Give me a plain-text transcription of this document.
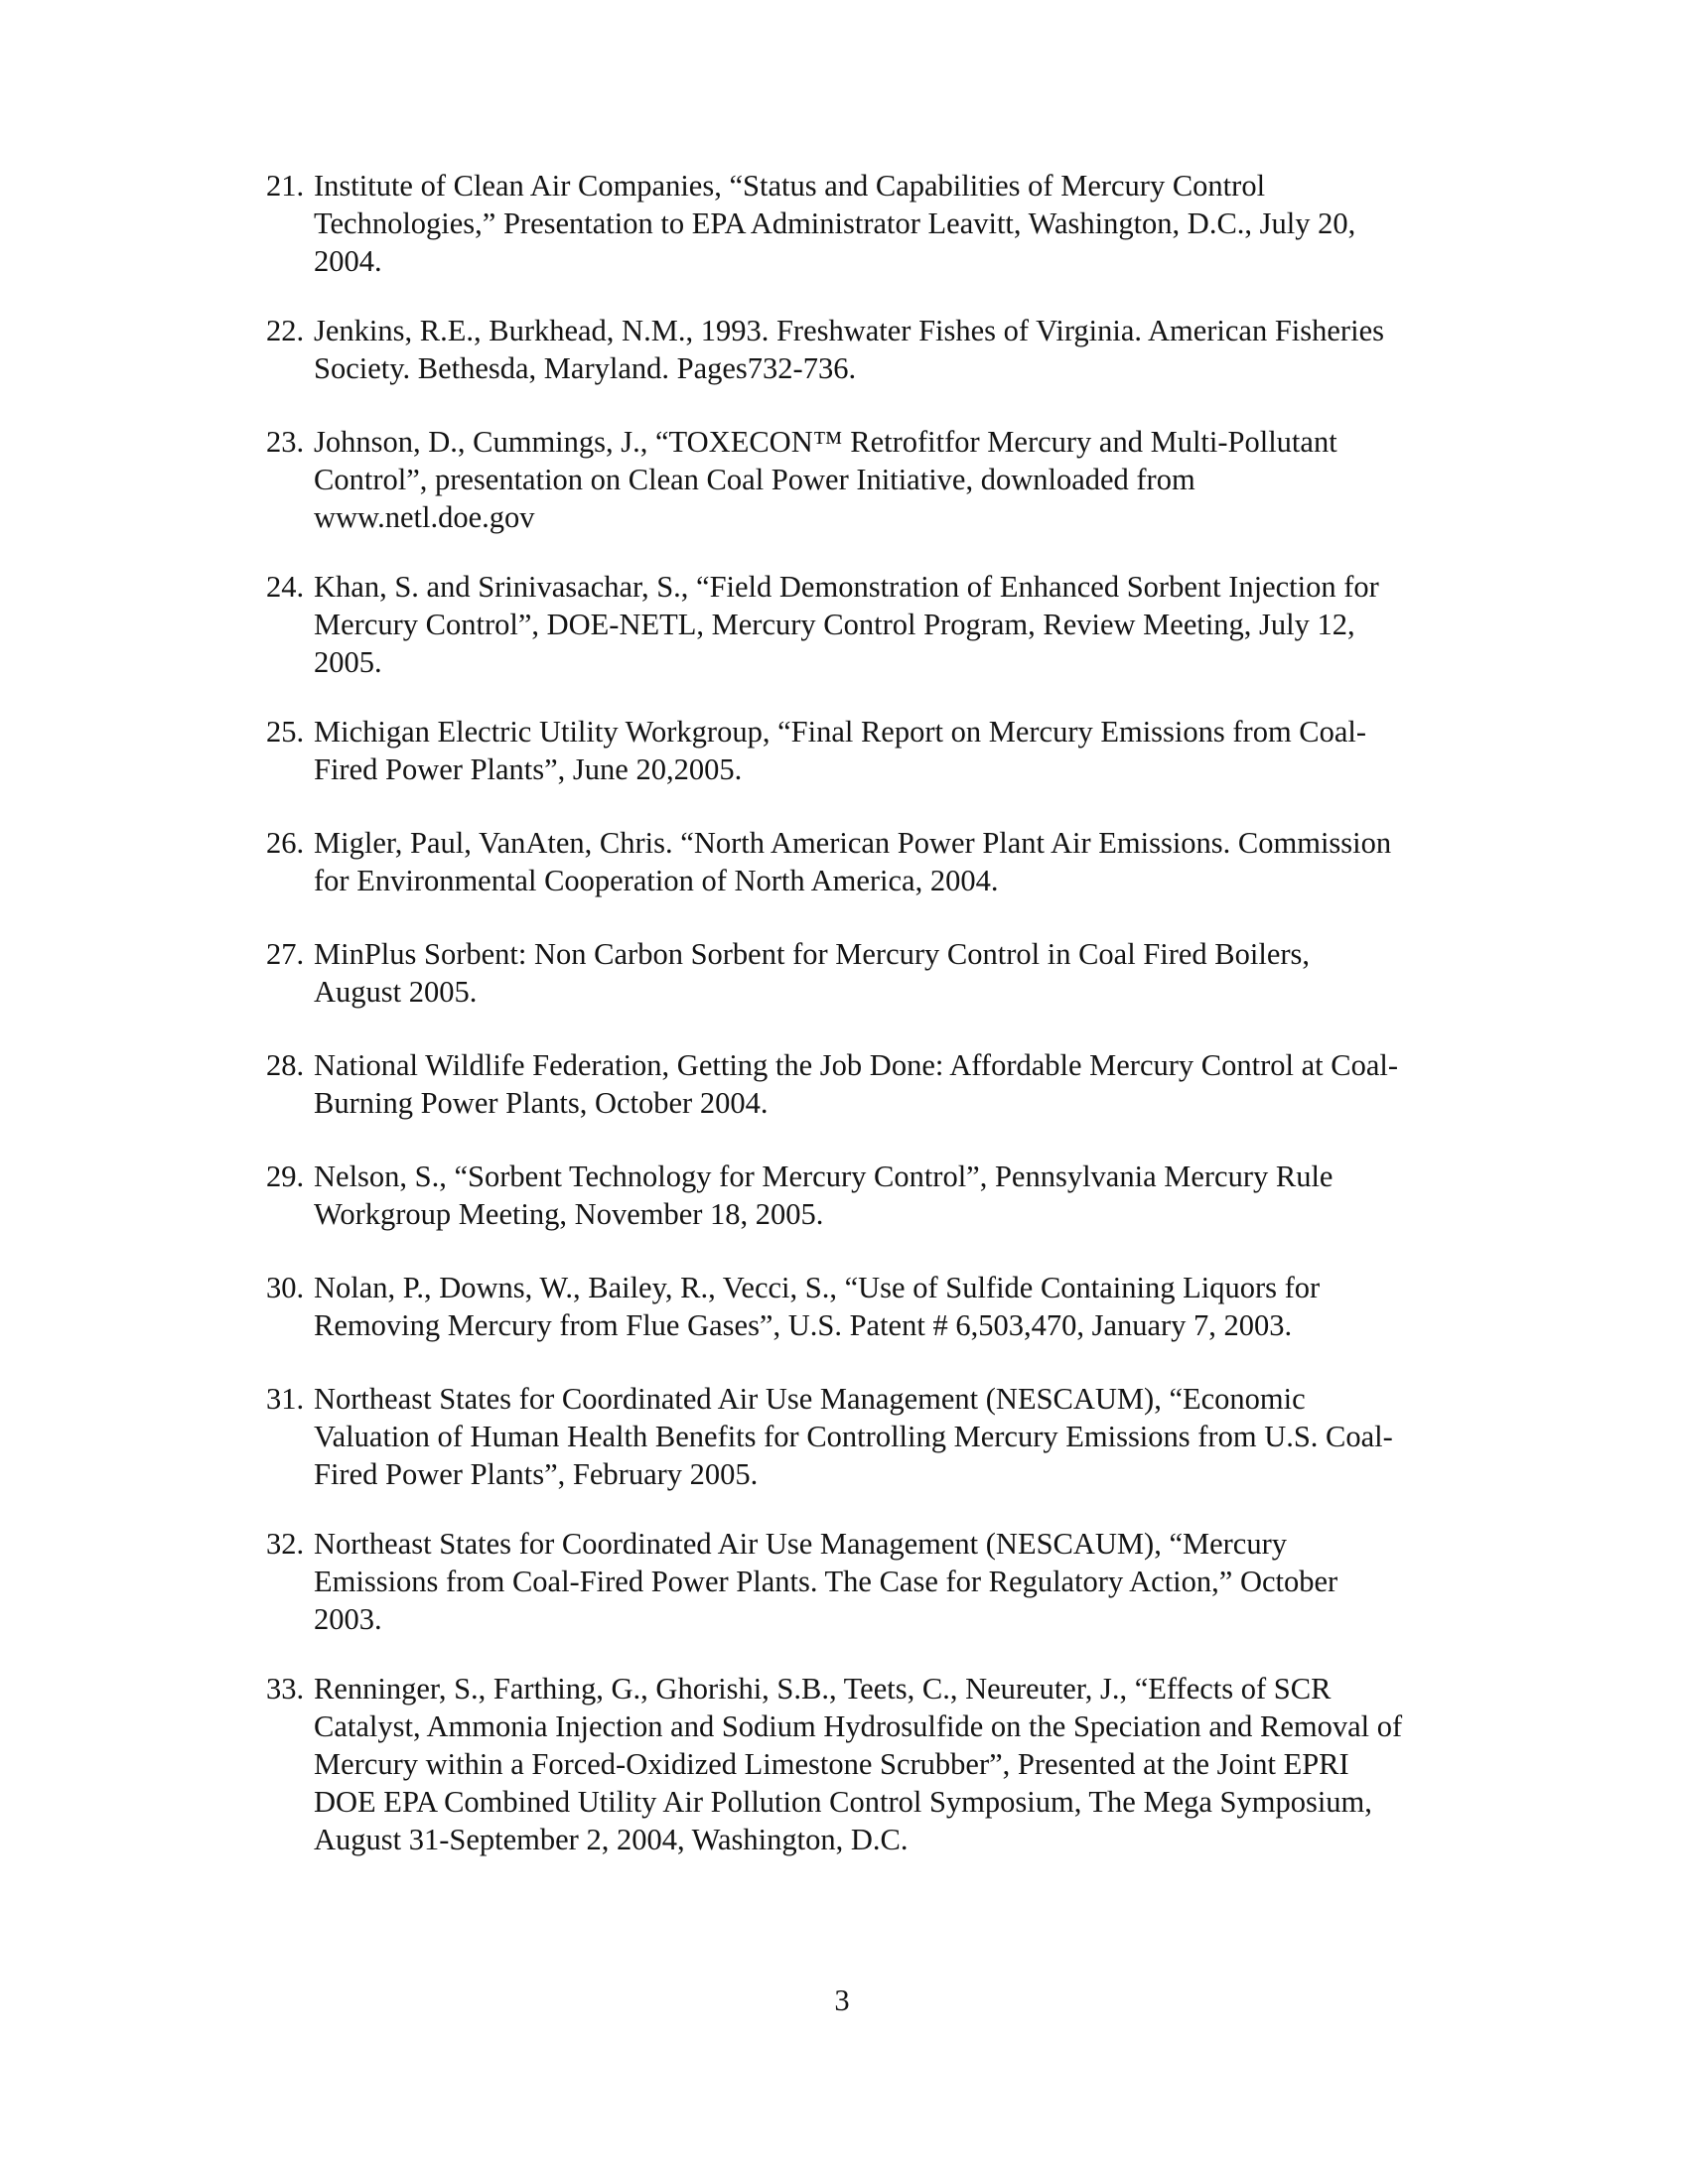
21. Institute of Clean Air Companies, “Status and Capabilities of Mercury Control
Technologies,” Presentation to EPA Administrator Leavitt, Washington, D.C., July 20,
2004.
22. Jenkins, R.E., Burkhead, N.M., 1993. Freshwater Fishes of Virginia. American Fisheries
Society. Bethesda, Maryland. Pages732-736.
23. Johnson, D., Cummings, J., “TOXECON™ Retrofitfor Mercury and Multi-Pollutant
Control”, presentation on Clean Coal Power Initiative, downloaded from
www.netl.doe.gov
24. Khan, S. and Srinivasachar, S., “Field Demonstration of Enhanced Sorbent Injection for
Mercury Control”, DOE-NETL, Mercury Control Program, Review Meeting, July 12,
2005.
25. Michigan Electric Utility Workgroup, “Final Report on Mercury Emissions from Coal-
Fired Power Plants”, June 20,2005.
26. Migler, Paul, VanAten, Chris. “North American Power Plant Air Emissions. Commission
for Environmental Cooperation of North America, 2004.
27. MinPlus Sorbent: Non Carbon Sorbent for Mercury Control in Coal Fired Boilers,
August 2005.
28. National Wildlife Federation, Getting the Job Done: Affordable Mercury Control at Coal-
Burning Power Plants, October 2004.
29. Nelson, S., “Sorbent Technology for Mercury Control”, Pennsylvania Mercury Rule
Workgroup Meeting, November 18, 2005.
30. Nolan, P., Downs, W., Bailey, R., Vecci, S., “Use of Sulfide Containing Liquors for
Removing Mercury from Flue Gases”, U.S. Patent # 6,503,470, January 7, 2003.
31. Northeast States for Coordinated Air Use Management (NESCAUM), “Economic
Valuation of Human Health Benefits for Controlling Mercury Emissions from U.S. Coal-
Fired Power Plants”, February 2005.
32. Northeast States for Coordinated Air Use Management (NESCAUM), “Mercury
Emissions from Coal-Fired Power Plants. The Case for Regulatory Action,” October
2003.
33. Renninger, S., Farthing, G., Ghorishi, S.B., Teets, C., Neureuter, J., “Effects of SCR
Catalyst, Ammonia Injection and Sodium Hydrosulfide on the Speciation and Removal of
Mercury within a Forced-Oxidized Limestone Scrubber”, Presented at the Joint EPRI
DOE EPA Combined Utility Air Pollution Control Symposium, The Mega Symposium,
August 31-September 2, 2004, Washington, D.C.
3
